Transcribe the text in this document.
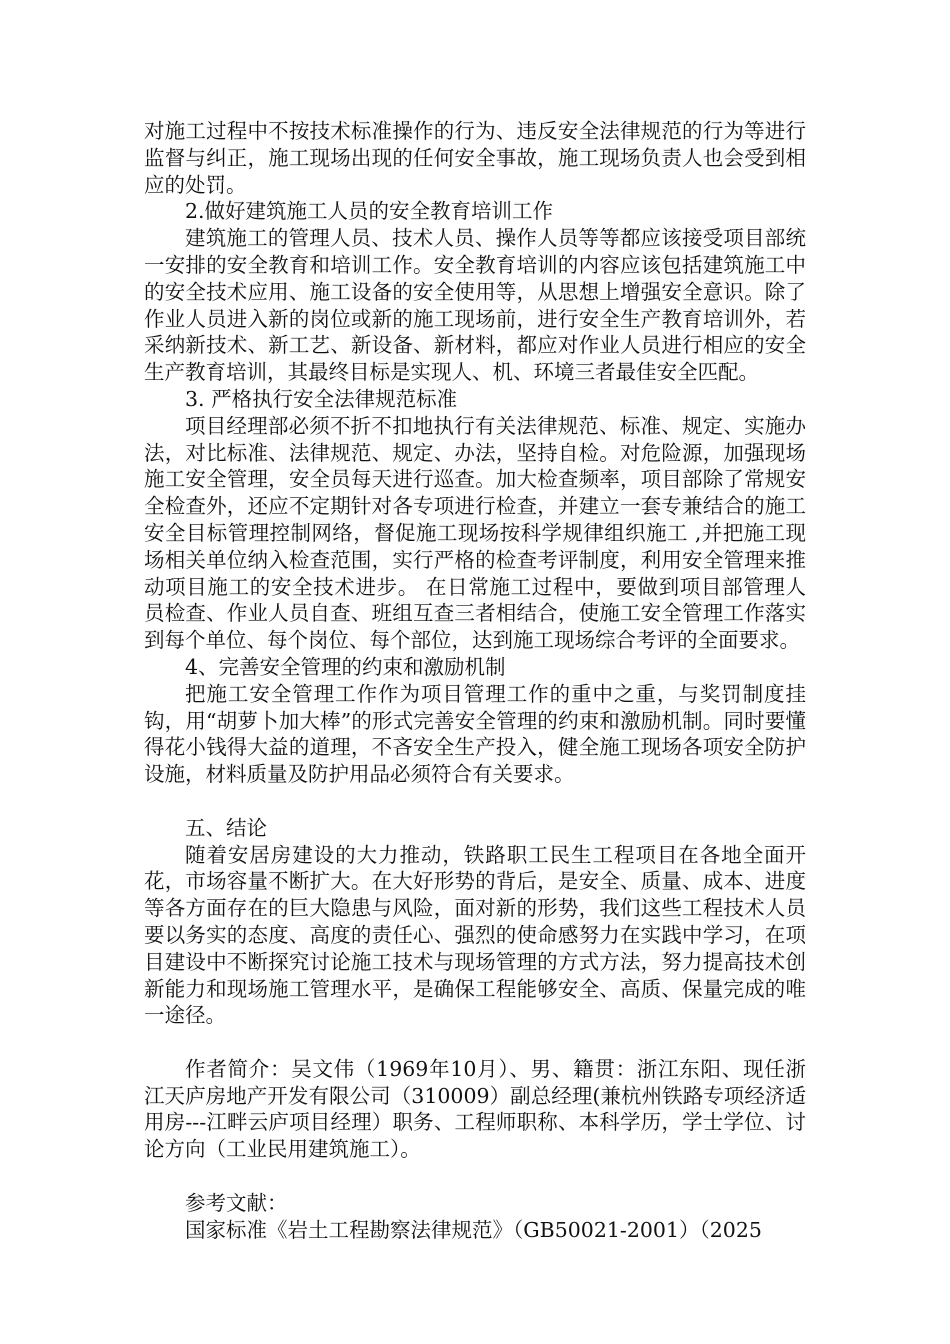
对施工过程中不按技术标准操作的行为、违反安全法律规范的行为等进行监督与纠正，施工现场出现的任何安全事故，施工现场负责人也会受到相应的处罚。

2.做好建筑施工人员的安全教育培训工作

建筑施工的管理人员、技术人员、操作人员等等都应该接受项目部统一安排的安全教育和培训工作。安全教育培训的内容应该包括建筑施工中的安全技术应用、施工设备的安全使用等，从思想上增强安全意识。除了作业人员进入新的岗位或新的施工现场前，进行安全生产教育培训外，若采纳新技术、新工艺、新设备、新材料，都应对作业人员进行相应的安全生产教育培训，其最终目标是实现人、机、环境三者最佳安全匹配。

3. 严格执行安全法律规范标准

项目经理部必须不折不扣地执行有关法律规范、标准、规定、实施办法，对比标准、法律规范、规定、办法，坚持自检。对危险源，加强现场施工安全管理，安全员每天进行巡查。加大检查频率，项目部除了常规安全检查外，还应不定期针对各专项进行检查，并建立一套专兼结合的施工安全目标管理控制网络，督促施工现场按科学规律组织施工 ,并把施工现场相关单位纳入检查范围，实行严格的检查考评制度，利用安全管理来推动项目施工的安全技术进步。 在日常施工过程中，要做到项目部管理人员检查、作业人员自查、班组互查三者相结合，使施工安全管理工作落实到每个单位、每个岗位、每个部位，达到施工现场综合考评的全面要求。

4、完善安全管理的约束和激励机制

把施工安全管理工作作为项目管理工作的重中之重，与奖罚制度挂钩，用“胡萝卜加大棒”的形式完善安全管理的约束和激励机制。同时要懂得花小钱得大益的道理，不吝安全生产投入，健全施工现场各项安全防护设施，材料质量及防护用品必须符合有关要求。

五、结论

随着安居房建设的大力推动，铁路职工民生工程项目在各地全面开花，市场容量不断扩大。在大好形势的背后，是安全、质量、成本、进度等各方面存在的巨大隐患与风险，面对新的形势，我们这些工程技术人员要以务实的态度、高度的责任心、强烈的使命感努力在实践中学习，在项目建设中不断探究讨论施工技术与现场管理的方式方法，努力提高技术创新能力和现场施工管理水平，是确保工程能够安全、高质、保量完成的唯一途径。

作者简介：吴文伟（1969年10月）、男、籍贯：浙江东阳、现任浙江天庐房地产开发有限公司（310009）副总经理(兼杭州铁路专项经济适用房---江畔云庐项目经理）职务、工程师职称、本科学历，学士学位、讨论方向（工业民用建筑施工）。

参考文献：

国家标准《岩土工程勘察法律规范》（GB50021-2001）（2025
